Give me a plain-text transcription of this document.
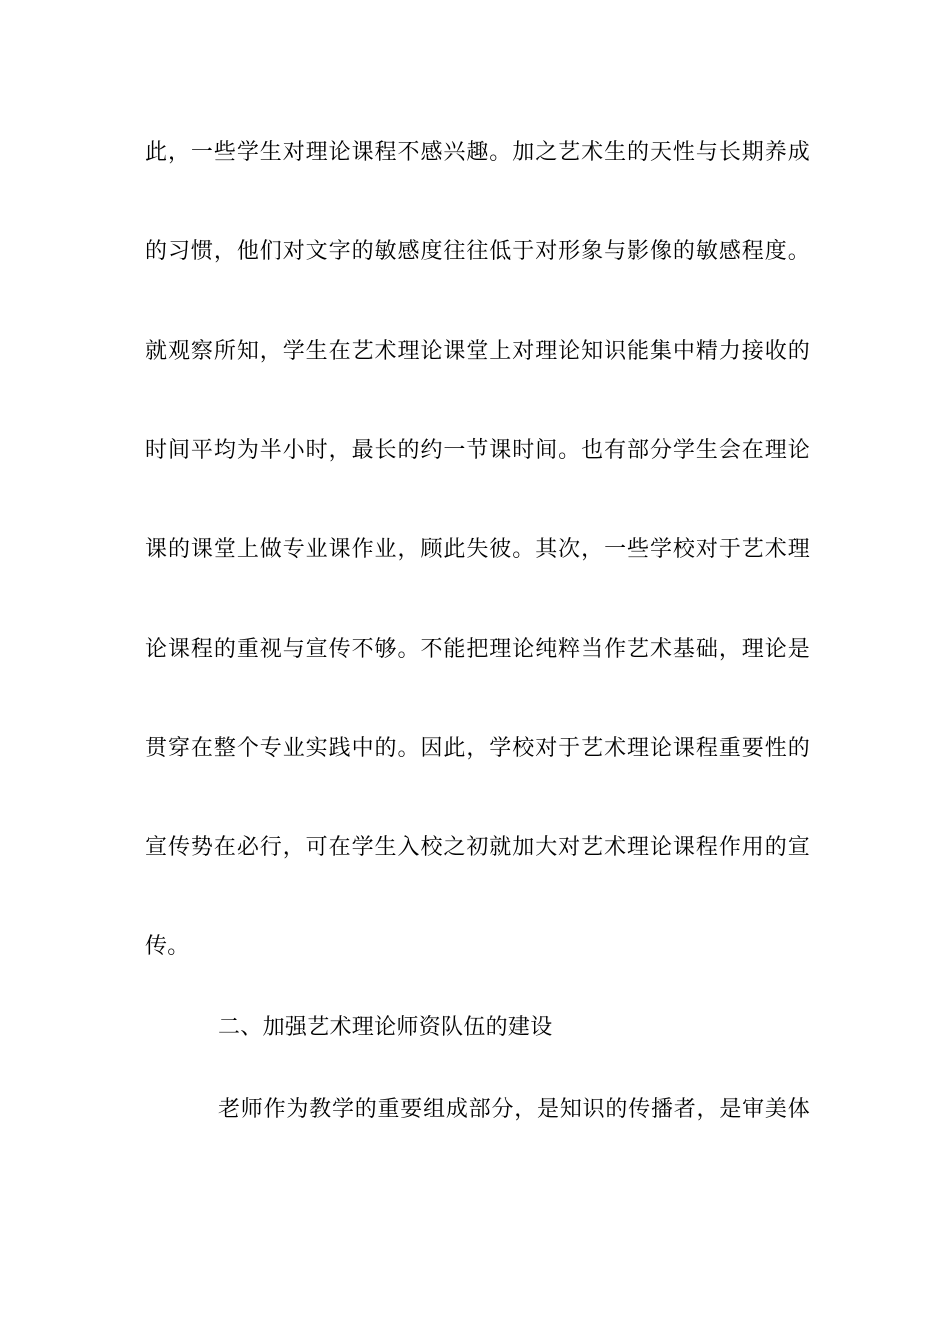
此，一些学生对理论课程不感兴趣。加之艺术生的天性与长期养成
的习惯，他们对文字的敏感度往往低于对形象与影像的敏感程度。
就观察所知，学生在艺术理论课堂上对理论知识能集中精力接收的
时间平均为半小时，最长的约一节课时间。也有部分学生会在理论
课的课堂上做专业课作业，顾此失彼。其次，一些学校对于艺术理
论课程的重视与宣传不够。不能把理论纯粹当作艺术基础，理论是
贯穿在整个专业实践中的。因此，学校对于艺术理论课程重要性的
宣传势在必行，可在学生入校之初就加大对艺术理论课程作用的宣
传。
二、加强艺术理论师资队伍的建设
老师作为教学的重要组成部分，是知识的传播者，是审美体
